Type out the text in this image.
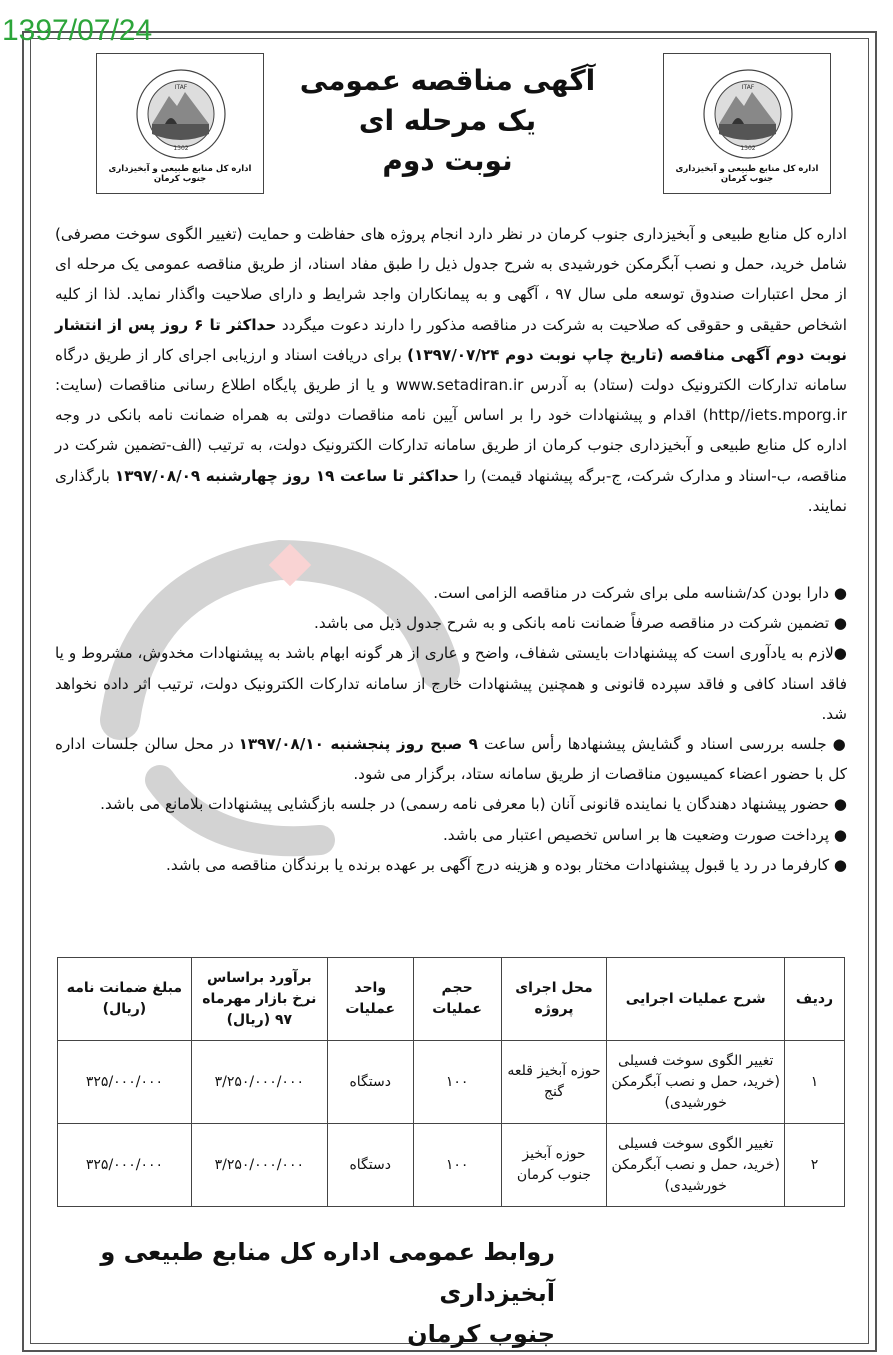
1397/07/24
ITAF
1302
اداره کل منابع طبیعی و آبخیزداری جنوب کرمان
ITAF
1302
اداره کل منابع طبیعی و آبخیزداری جنوب کرمان
آگهی مناقصه عمومی
یک مرحله ای
نوبت دوم

اداره کل منابع طبیعی و آبخیزداری جنوب کرمان در نظر دارد انجام پروژه های حفاظت و حمایت (تغییر الگوی سوخت مصرفی) شامل خرید، حمل و نصب آبگرمکن خورشیدی به شرح جدول ذیل را طبق مفاد اسناد، از طریق مناقصه عمومی یک مرحله ای از محل اعتبارات صندوق توسعه ملی سال ۹۷ ، آگهی و به پیمانکاران واجد شرایط و دارای صلاحیت واگذار نماید. لذا از کلیه اشخاص حقیقی و حقوقی که صلاحیت به شرکت در مناقصه مذکور را دارند دعوت میگردد حداکثر تا ۶ روز پس از انتشار نوبت دوم آگهی مناقصه (تاریخ چاپ نوبت دوم ۱۳۹۷/۰۷/۲۴) برای دریافت اسناد و ارزیابی اجرای کار از طریق درگاه سامانه تدارکات الکترونیک دولت (ستاد) به آدرس www.setadiran.ir و یا از طریق پایگاه اطلاع رسانی مناقصات (سایت: http//iets.mporg.ir) اقدام و پیشنهادات خود را بر اساس آیین نامه مناقصات دولتی به همراه ضمانت نامه بانکی در وجه اداره کل منابع طبیعی و آبخیزداری جنوب کرمان از طریق سامانه تدارکات الکترونیک دولت، به ترتیب (الف-تضمین شرکت در مناقصه، ب-اسناد و مدارک شرکت، ج-برگه پیشنهاد قیمت) را حداکثر تا ساعت ۱۹ روز چهارشنبه ۱۳۹۷/۰۸/۰۹ بارگذاری نمایند.

● دارا بودن کد/شناسه ملی برای شرکت در مناقصه الزامی است.

● تضمین شرکت در مناقصه صرفاً ضمانت نامه بانکی و به شرح جدول ذیل می باشد.

●لازم به یادآوری است که پیشنهادات بایستی شفاف، واضح و عاری از هر گونه ابهام باشد به پیشنهادات مخدوش، مشروط و یا فاقد اسناد کافی و فاقد سپرده قانونی و همچنین پیشنهادات خارج از سامانه تدارکات الکترونیک دولت، ترتیب اثر داده نخواهد شد.

● جلسه بررسی اسناد و گشایش پیشنهادها رأس ساعت ۹ صبح روز پنجشنبه ۱۳۹۷/۰۸/۱۰ در محل سالن جلسات اداره کل با حضور اعضاء کمیسیون مناقصات از طریق سامانه ستاد، برگزار می شود.

● حضور پیشنهاد دهندگان یا نماینده قانونی آنان (با معرفی نامه رسمی) در جلسه بازگشایی پیشنهادات بلامانع می باشد.

● پرداخت صورت وضعیت ها بر اساس تخصیص اعتبار می باشد.

● کارفرما در رد یا قبول پیشنهادات مختار بوده و هزینه درج آگهی بر عهده برنده یا برندگان مناقصه می باشد.

ردیف	شرح عملیات اجرایی	محل اجرای پروژه	حجم عملیات	واحد عملیات	برآورد براساس نرخ بازار مهرماه ۹۷ (ریال)	مبلغ ضمانت نامه (ریال)
۱	تغییر الگوی سوخت فسیلی (خرید، حمل و نصب آبگرمکن خورشیدی)	حوزه آبخیز قلعه گنج	۱۰۰	دستگاه	۳/۲۵۰/۰۰۰/۰۰۰	۳۲۵/۰۰۰/۰۰۰
۲	تغییر الگوی سوخت فسیلی (خرید، حمل و نصب آبگرمکن خورشیدی)	حوزه آبخیز جنوب کرمان	۱۰۰	دستگاه	۳/۲۵۰/۰۰۰/۰۰۰	۳۲۵/۰۰۰/۰۰۰
روابط عمومی اداره کل منابع طبیعی و آبخیزداری
جنوب کرمان
